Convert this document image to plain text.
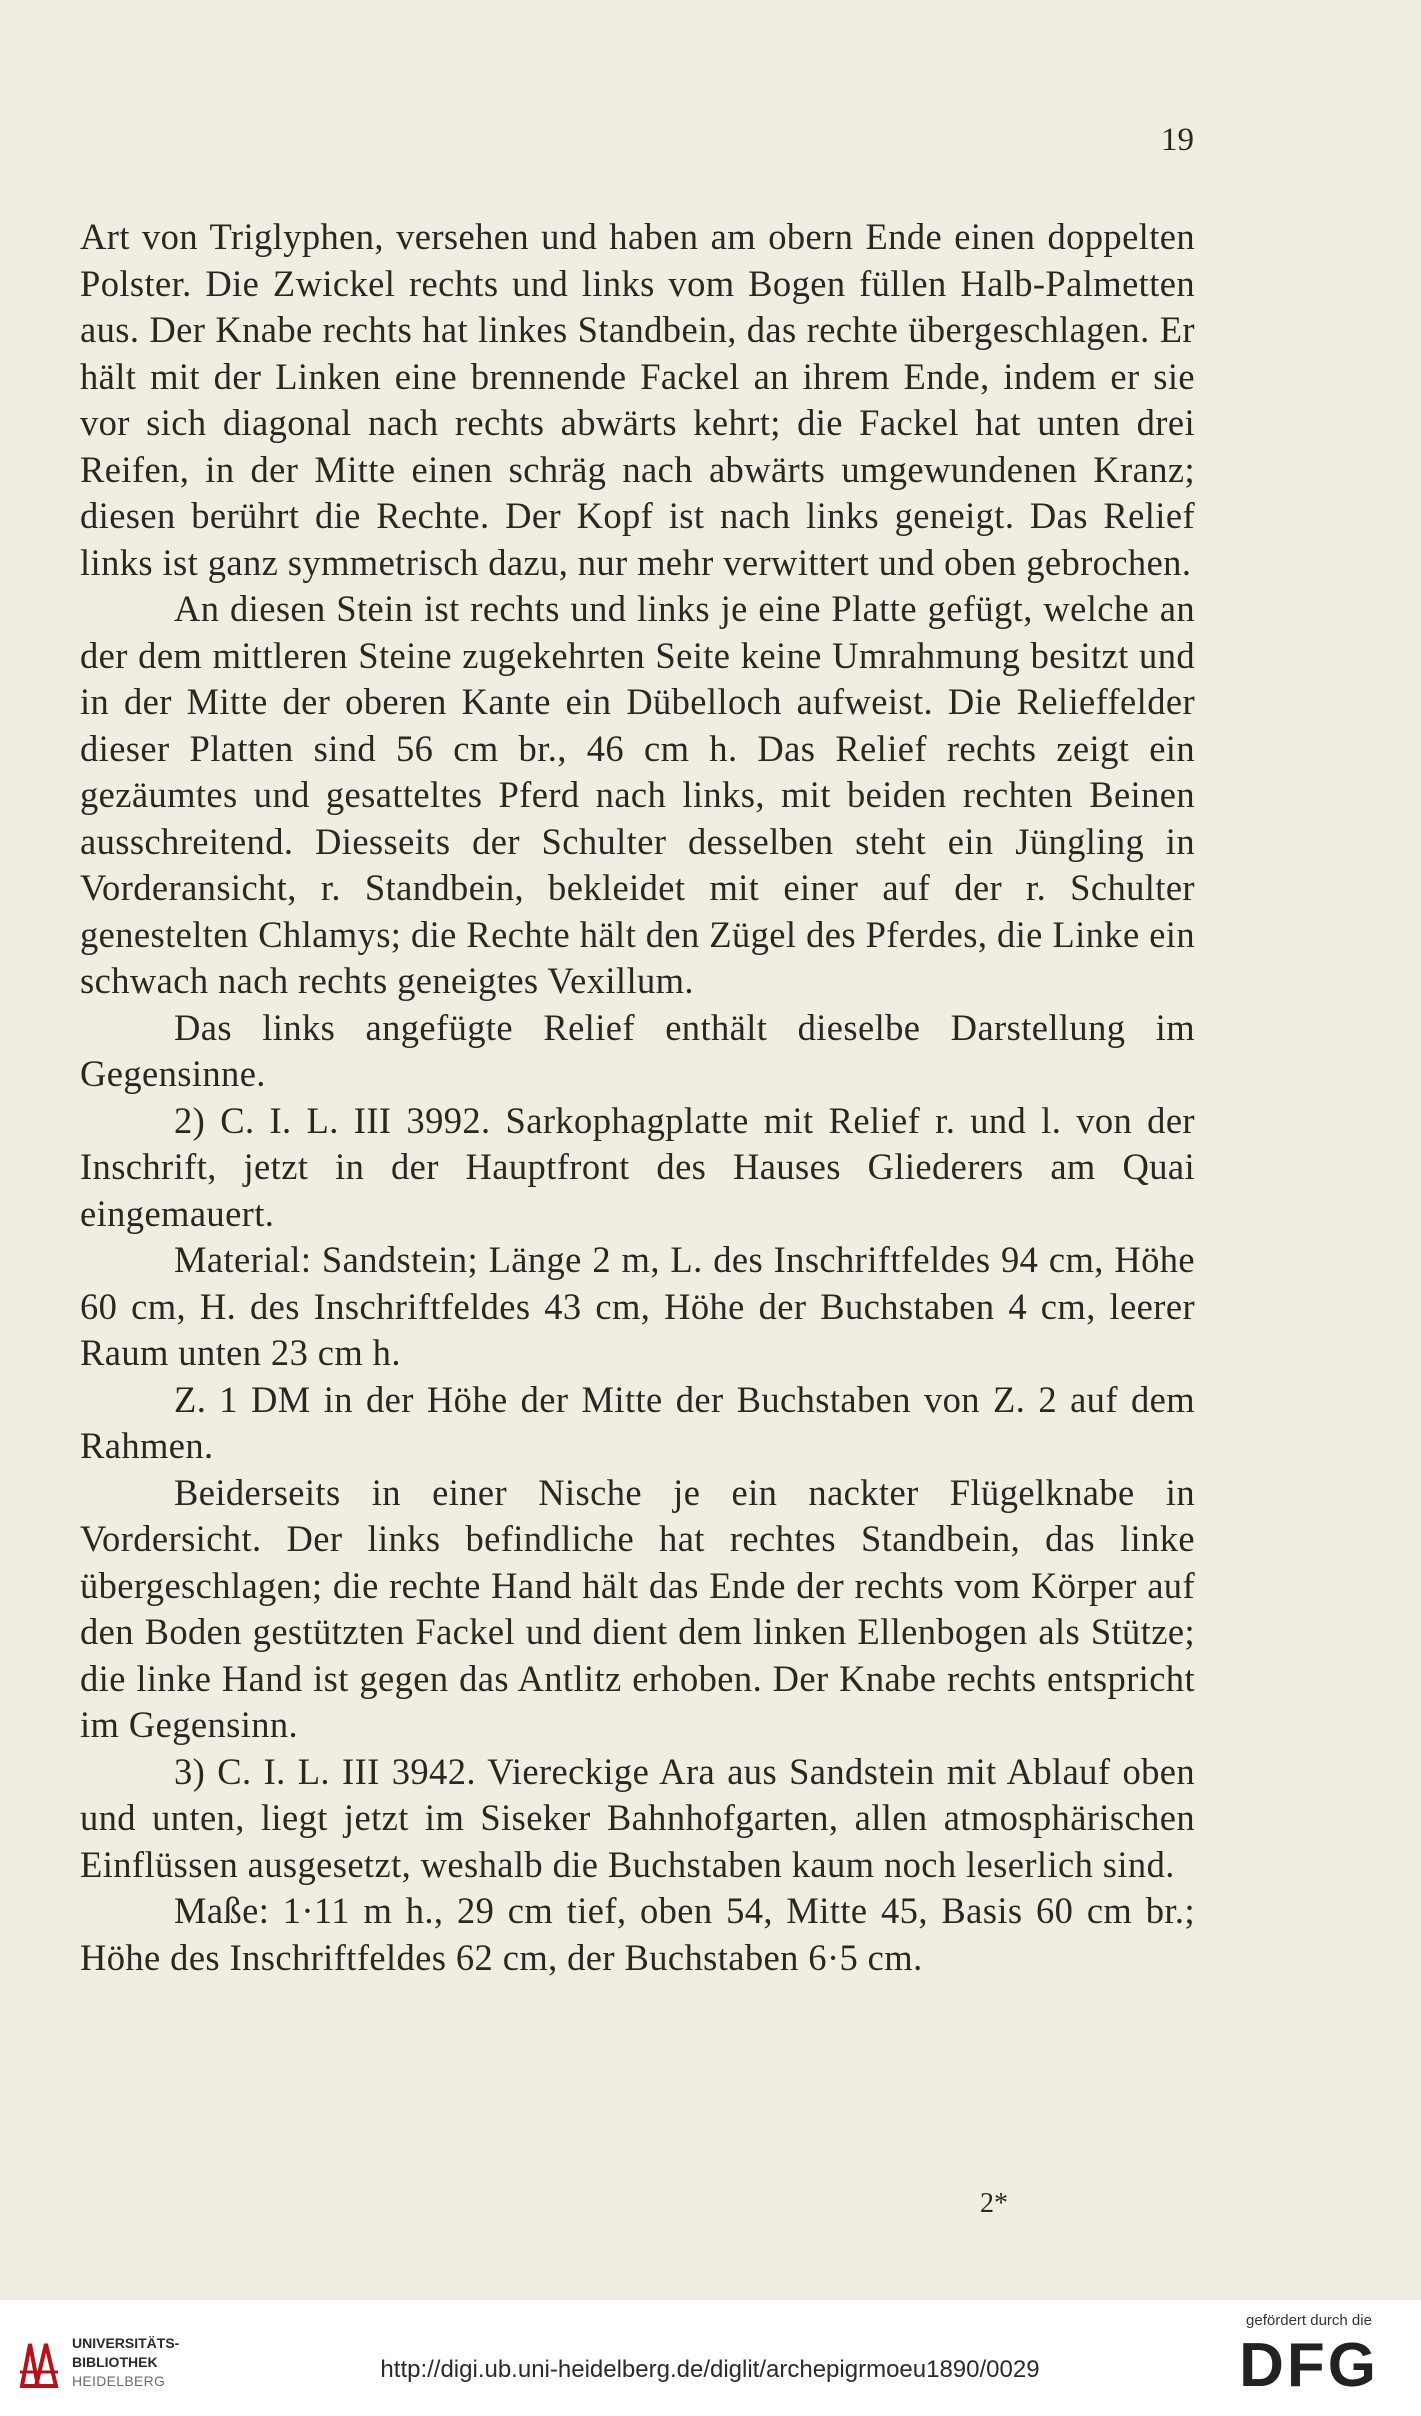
19

Art von Triglyphen, versehen und haben am obern Ende einen doppelten Polster. Die Zwickel rechts und links vom Bogen füllen Halb-Palmetten aus. Der Knabe rechts hat linkes Standbein, das rechte übergeschlagen. Er hält mit der Linken eine brennende Fackel an ihrem Ende, indem er sie vor sich diagonal nach rechts abwärts kehrt; die Fackel hat unten drei Reifen, in der Mitte einen schräg nach abwärts umgewundenen Kranz; diesen berührt die Rechte. Der Kopf ist nach links geneigt. Das Relief links ist ganz symmetrisch dazu, nur mehr verwittert und oben gebrochen.

An diesen Stein ist rechts und links je eine Platte gefügt, welche an der dem mittleren Steine zugekehrten Seite keine Umrahmung besitzt und in der Mitte der oberen Kante ein Dübelloch aufweist. Die Relieffelder dieser Platten sind 56 cm br., 46 cm h. Das Relief rechts zeigt ein gezäumtes und gesatteltes Pferd nach links, mit beiden rechten Beinen ausschreitend. Diesseits der Schulter desselben steht ein Jüngling in Vorderansicht, r. Standbein, bekleidet mit einer auf der r. Schulter genestelten Chlamys; die Rechte hält den Zügel des Pferdes, die Linke ein schwach nach rechts geneigtes Vexillum.

Das links angefügte Relief enthält dieselbe Darstellung im Gegensinne.

2) C. I. L. III 3992. Sarkophagplatte mit Relief r. und l. von der Inschrift, jetzt in der Hauptfront des Hauses Gliederers am Quai eingemauert.

Material: Sandstein; Länge 2 m, L. des Inschriftfeldes 94 cm, Höhe 60 cm, H. des Inschriftfeldes 43 cm, Höhe der Buchstaben 4 cm, leerer Raum unten 23 cm h.

Z. 1 DM in der Höhe der Mitte der Buchstaben von Z. 2 auf dem Rahmen.

Beiderseits in einer Nische je ein nackter Flügelknabe in Vordersicht. Der links befindliche hat rechtes Standbein, das linke übergeschlagen; die rechte Hand hält das Ende der rechts vom Körper auf den Boden gestützten Fackel und dient dem linken Ellenbogen als Stütze; die linke Hand ist gegen das Antlitz erhoben. Der Knabe rechts entspricht im Gegensinn.

3) C. I. L. III 3942. Viereckige Ara aus Sandstein mit Ablauf oben und unten, liegt jetzt im Siseker Bahnhofgarten, allen atmosphärischen Einflüssen ausgesetzt, weshalb die Buchstaben kaum noch leserlich sind.

Maße: 1·11 m h., 29 cm tief, oben 54, Mitte 45, Basis 60 cm br.; Höhe des Inschriftfeldes 62 cm, der Buchstaben 6·5 cm.

2*
UNIVERSITÄTS-
BIBLIOTHEK
HEIDELBERG	http://digi.ub.uni-heidelberg.de/diglit/archepigrmoeu1890/0029
gefördert durch die
DFG
